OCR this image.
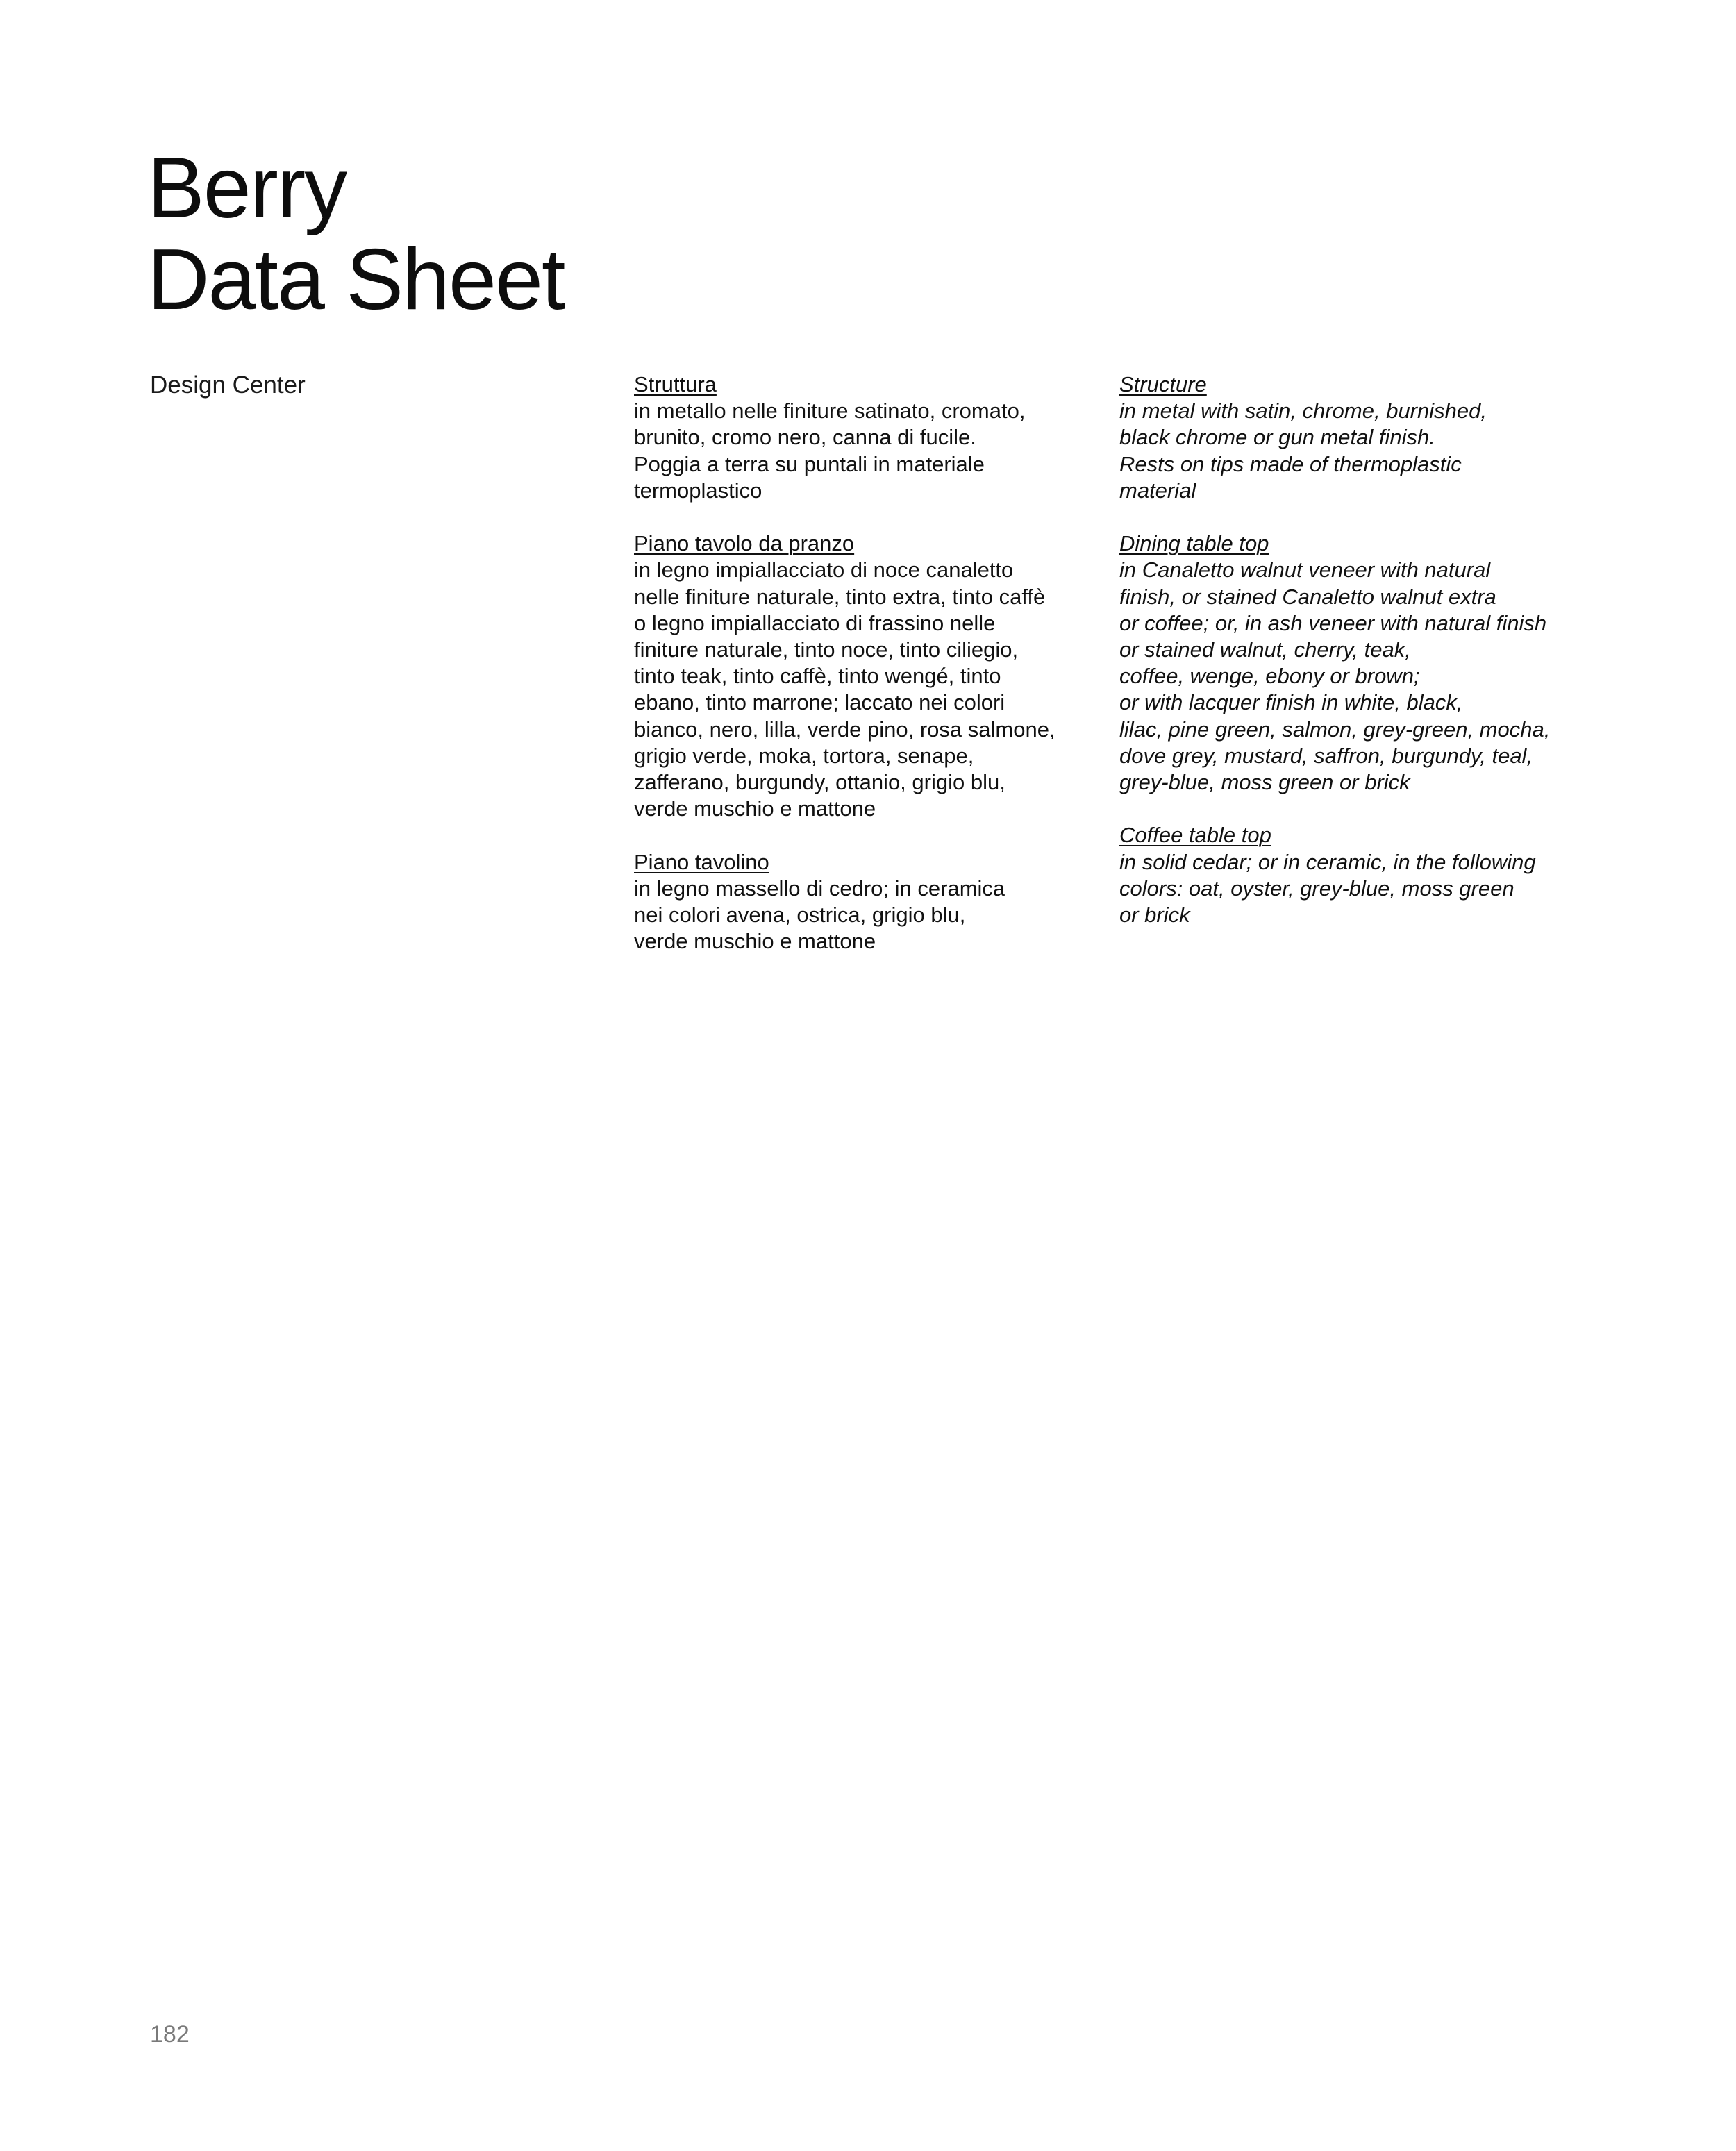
Berry
Data Sheet
Design Center	Struttura
in metallo nelle finiture satinato, cromato,
brunito, cromo nero, canna di fucile.
Poggia a terra su puntali in materiale
termoplastico
Piano tavolo da pranzo
in legno impiallacciato di noce canaletto
nelle finiture naturale, tinto extra, tinto caffè
o legno impiallacciato di frassino nelle
finiture naturale, tinto noce, tinto ciliegio,
tinto teak, tinto caffè, tinto wengé, tinto
ebano, tinto marrone; laccato nei colori
bianco, nero, lilla, verde pino, rosa salmone,
grigio verde, moka, tortora, senape,
zafferano, burgundy, ottanio, grigio blu,
verde muschio e mattone
Piano tavolino
in legno massello di cedro; in ceramica
nei colori avena, ostrica, grigio blu,
verde muschio e mattone
Structure
in metal with satin, chrome, burnished,
black chrome or gun metal finish.
Rests on tips made of thermoplastic
material
Dining table top
in Canaletto walnut veneer with natural
finish, or stained Canaletto walnut extra
or coffee; or, in ash veneer with natural finish
or stained walnut, cherry, teak,
coffee, wenge, ebony or brown;
or with lacquer finish in white, black,
lilac, pine green, salmon, grey-green, mocha,
dove grey, mustard, saffron, burgundy, teal,
grey-blue, moss green or brick
Coffee table top
in solid cedar; or in ceramic, in the following
colors: oat, oyster, grey-blue, moss green
or brick
182
